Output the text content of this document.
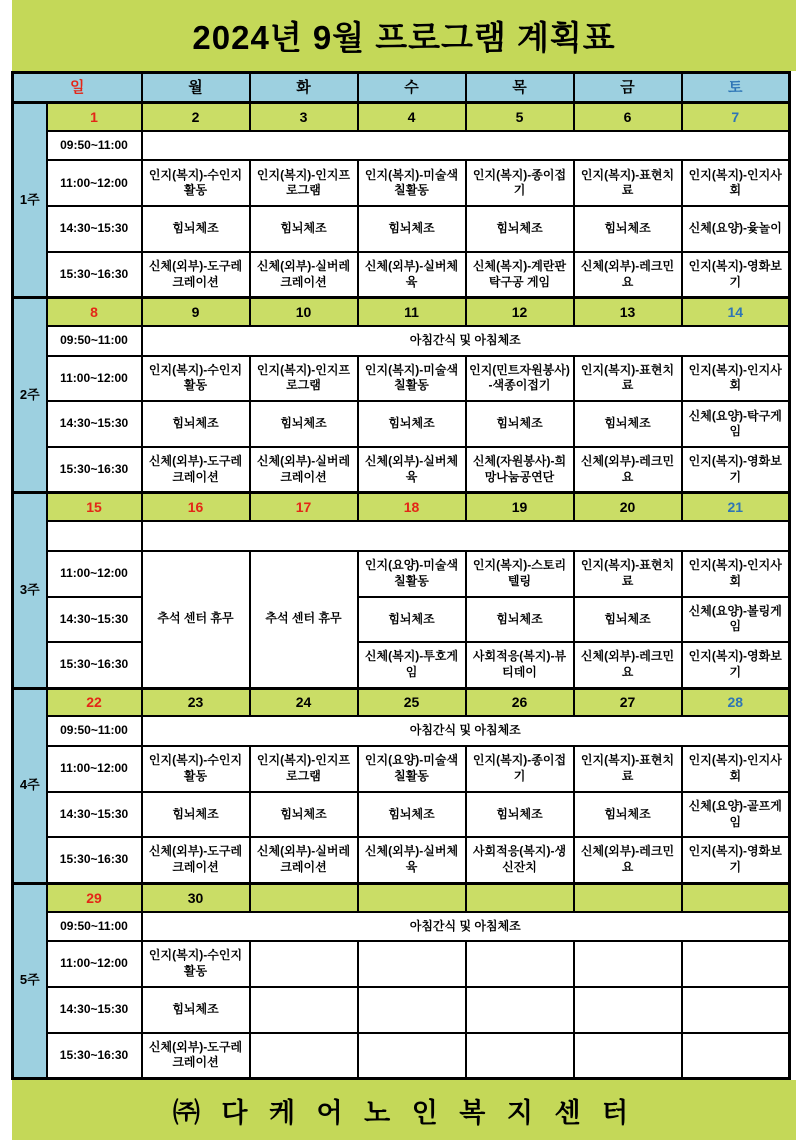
2024년 9월 프로그램 계획표
일		월	화	수	목	금	토
1주	1	2	3	4	5	6	7
	09:50~11:00						
	11:00~12:00	인지(복지)-수인지활동	인지(복지)-인지프로그램	인지(복지)-미술색칠활동	인지(복지)-종이접기	인지(복지)-표현치료	인지(복지)-인지사회
	14:30~15:30	힘뇌체조	힘뇌체조	힘뇌체조	힘뇌체조	힘뇌체조	신체(요양)-윷놀이
	15:30~16:30	신체(외부)-도구레크레이션	신체(외부)-실버레크레이션	신체(외부)-실버체육	신체(복지)-계란판 탁구공 게임	신체(외부)-레크민요	인지(복지)-영화보기
2주	8	9	10	11	12	13	14
	09:50~11:00	아침간식 및 아침체조					
	11:00~12:00	인지(복지)-수인지활동	인지(복지)-인지프로그램	인지(복지)-미술색칠활동	인지(민트자원봉사)-색종이접기	인지(복지)-표현치료	인지(복지)-인지사회
	14:30~15:30	힘뇌체조	힘뇌체조	힘뇌체조	힘뇌체조	힘뇌체조	신체(요양)-탁구게임
	15:30~16:30	신체(외부)-도구레크레이션	신체(외부)-실버레크레이션	신체(외부)-실버체육	신체(자원봉사)-희망나눔공연단	신체(외부)-레크민요	인지(복지)-영화보기
3주	15	16	17	18	19	20	21

	11:00~12:00	추석 센터 휴무	추석 센터 휴무	인지(요양)-미술색칠활동	인지(복지)-스토리텔링	인지(복지)-표현치료	인지(복지)-인지사회
	14:30~15:30			힘뇌체조	힘뇌체조	힘뇌체조	신체(요양)-볼링게임
	15:30~16:30			신체(복지)-투호게임	사회적응(복지)-뷰티데이	신체(외부)-레크민요	인지(복지)-영화보기
4주	22	23	24	25	26	27	28
	09:50~11:00	아침간식 및 아침체조					
	11:00~12:00	인지(복지)-수인지활동	인지(복지)-인지프로그램	인지(요양)-미술색칠활동	인지(복지)-종이접기	인지(복지)-표현치료	인지(복지)-인지사회
	14:30~15:30	힘뇌체조	힘뇌체조	힘뇌체조	힘뇌체조	힘뇌체조	신체(요양)-골프게임
	15:30~16:30	신체(외부)-도구레크레이션	신체(외부)-실버레크레이션	신체(외부)-실버체육	사회적응(복지)-생신잔치	신체(외부)-레크민요	인지(복지)-영화보기
5주	29	30					
	09:50~11:00	아침간식 및 아침체조					
	11:00~12:00	인지(복지)-수인지활동					
	14:30~15:30	힘뇌체조					
	15:30~16:30	신체(외부)-도구레크레이션					
㈜ 다 케 어 노 인 복 지 센 터
